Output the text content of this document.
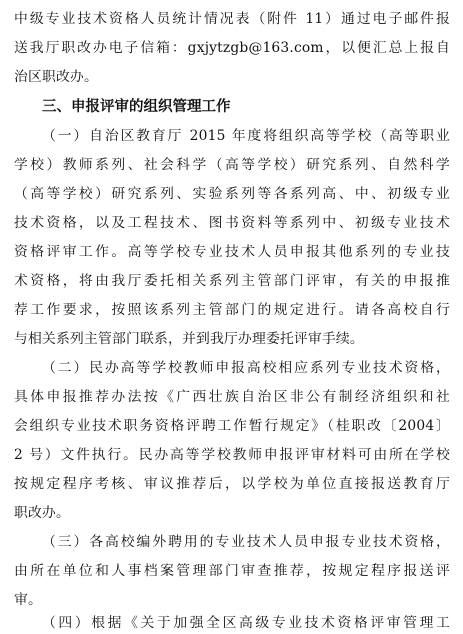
中级专业技术资格人员统计情况表（附件 11）通过电子邮件报
送我厅职改办电子信箱：gxjytzgb@163.com，以便汇总上报自
治区职改办。
三、申报评审的组织管理工作
（一）自治区教育厅 2015 年度将组织高等学校（高等职业
学校）教师系列、社会科学（高等学校）研究系列、自然科学
（高等学校）研究系列、实验系列等各系列高、中、初级专业
技术资格，以及工程技术、图书资料等系列中、初级专业技术
资格评审工作。高等学校专业技术人员申报其他系列的专业技
术资格，将由我厅委托相关系列主管部门评审，有关的申报推
荐工作要求，按照该系列主管部门的规定进行。请各高校自行
与相关系列主管部门联系，并到我厅办理委托评审手续。
（二）民办高等学校教师申报高校相应系列专业技术资格，
具体申报推荐办法按《广西壮族自治区非公有制经济组织和社
会组织专业技术职务资格评聘工作暂行规定》（桂职改〔2004〕
2 号）文件执行。民办高等学校教师申报评审材料可由所在学校
按规定程序考核、审议推荐后，以学校为单位直接报送教育厅
职改办。
（三）各高校编外聘用的专业技术人员申报专业技术资格，
由所在单位和人事档案管理部门审查推荐，按规定程序报送评
审。
（四）根据《关于加强全区高级专业技术资格评审管理工
